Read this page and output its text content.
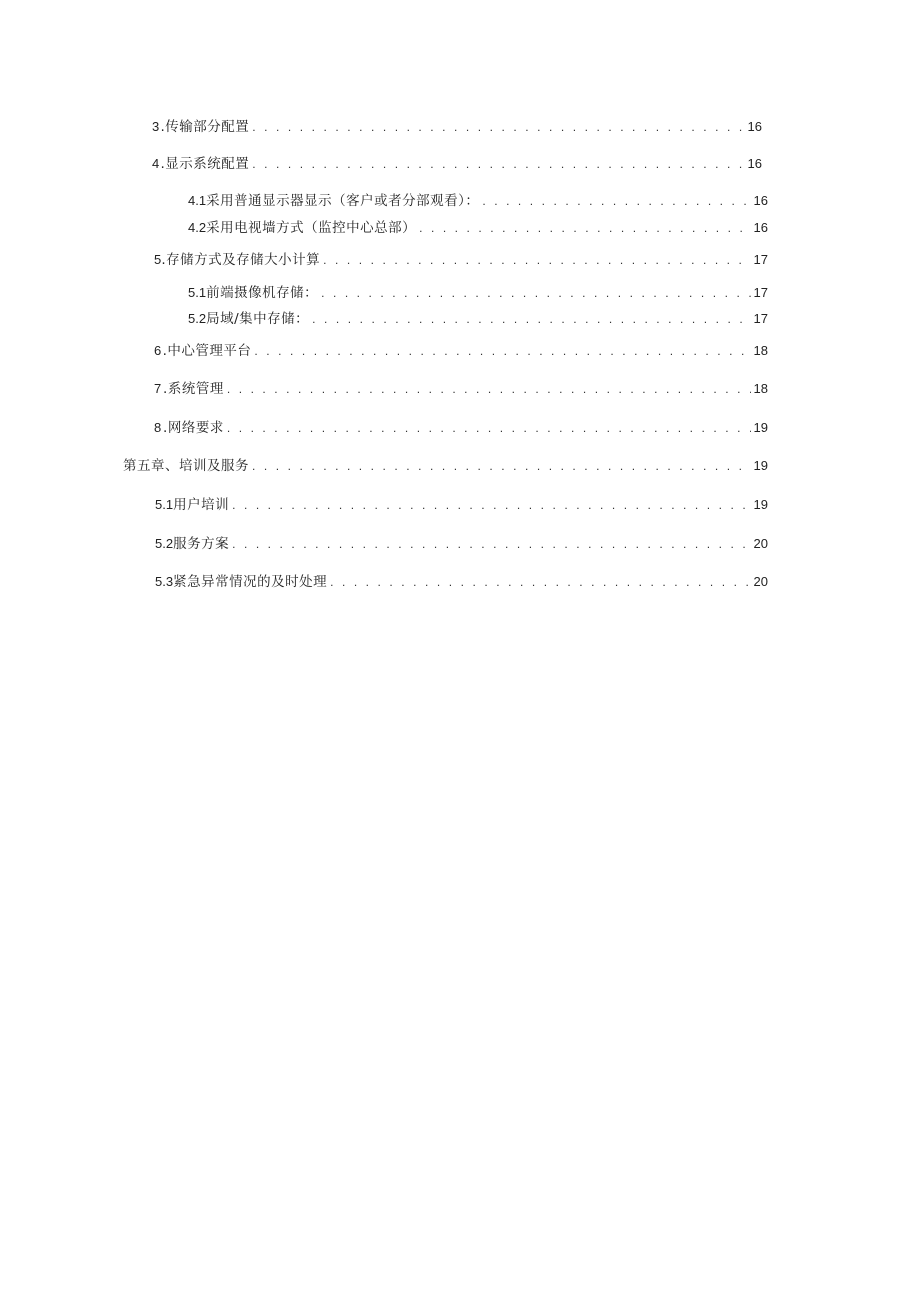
3 .传输部分配置 . . .	16
4 .显示系统配置 . . .	16
4.1 采用普通显示器显示（客户或者分部观看）： . . .	16
4.2 采用电视墙方式（监控中心总部） . . .	16
5 .存储方式及存储大小计算 . . .	17
5.1 前端摄像机存储： . . .	17
5.2 局域/集中存储： . . .	17
6 .中心管理平台 . . .	18
7 .系统管理 . . .	18
8 .网络要求 . . .	19
第五章、培训及服务 . . .	19
5.1 用户培训 . . .	19
5.2 服务方案 . . .	20
5.3 紧急异常情况的及时处理 . . .	20
